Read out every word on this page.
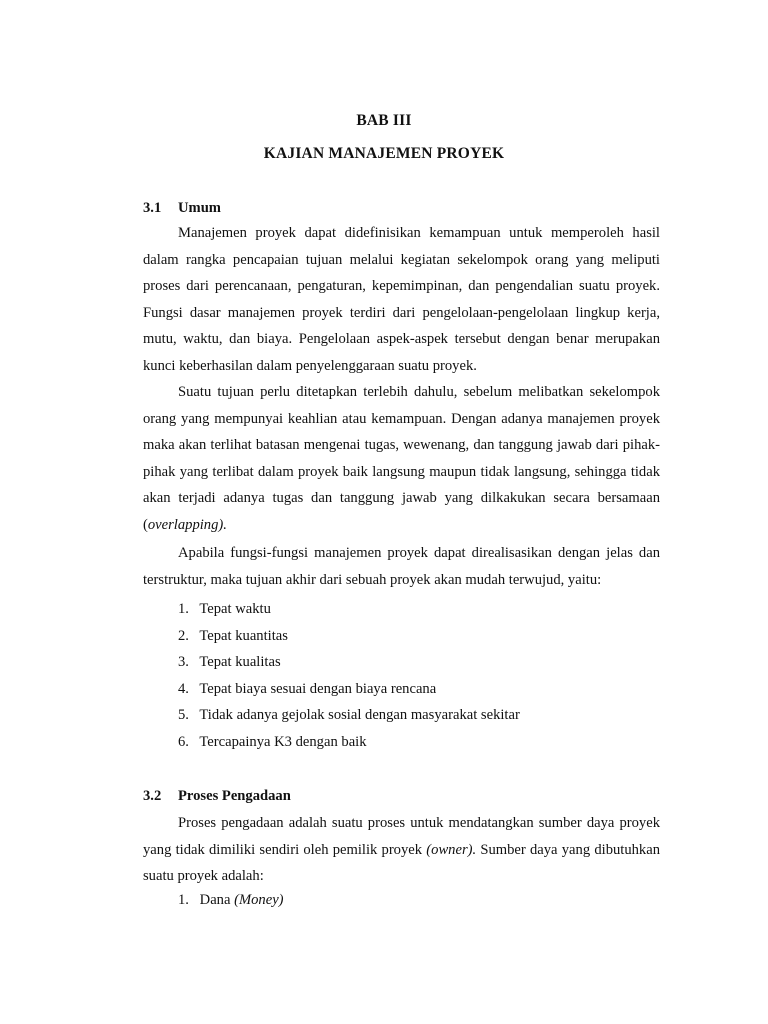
BAB III
KAJIAN MANAJEMEN PROYEK
3.1 Umum

Manajemen proyek dapat didefinisikan kemampuan untuk memperoleh hasil dalam rangka pencapaian tujuan melalui kegiatan sekelompok orang yang meliputi proses dari perencanaan, pengaturan, kepemimpinan, dan pengendalian suatu proyek. Fungsi dasar manajemen proyek terdiri dari pengelolaan-pengelolaan lingkup kerja, mutu, waktu, dan biaya. Pengelolaan aspek-aspek tersebut dengan benar merupakan kunci keberhasilan dalam penyelenggaraan suatu proyek.

Suatu tujuan perlu ditetapkan terlebih dahulu, sebelum melibatkan sekelompok orang yang mempunyai keahlian atau kemampuan. Dengan adanya manajemen proyek maka akan terlihat batasan mengenai tugas, wewenang, dan tanggung jawab dari pihak-pihak yang terlibat dalam proyek baik langsung maupun tidak langsung, sehingga tidak akan terjadi adanya tugas dan tanggung jawab yang dilkakukan secara bersamaan (overlapping).

Apabila fungsi-fungsi manajemen proyek dapat direalisasikan dengan jelas dan terstruktur, maka tujuan akhir dari sebuah proyek akan mudah terwujud, yaitu:

1. Tepat waktu
2. Tepat kuantitas
3. Tepat kualitas
4. Tepat biaya sesuai dengan biaya rencana
5. Tidak adanya gejolak sosial dengan masyarakat sekitar
6. Tercapainya K3 dengan baik
3.2 Proses Pengadaan

Proses pengadaan adalah suatu proses untuk mendatangkan sumber daya proyek yang tidak dimiliki sendiri oleh pemilik proyek (owner). Sumber daya yang dibutuhkan suatu proyek adalah:

1. Dana (Money)
